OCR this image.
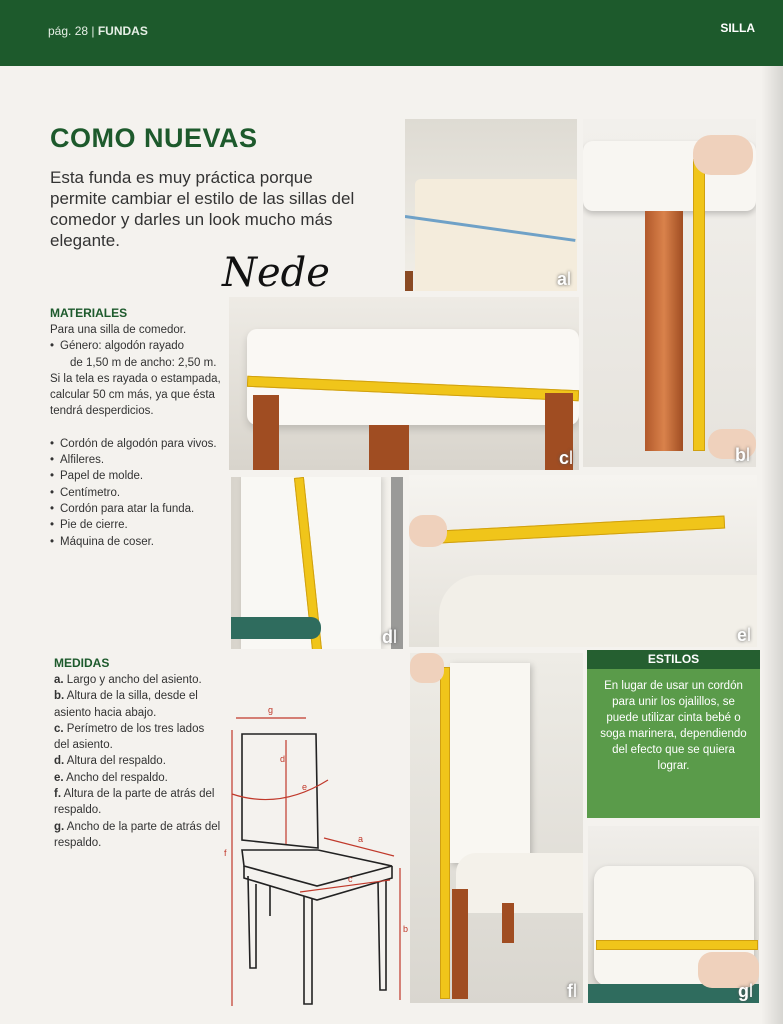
pág. 28 | FUNDAS	SILLA
COMO NUEVAS
Esta funda es muy práctica porque permite cambiar el estilo de las sillas del comedor y darles un look mucho más elegante.
Nede
MATERIALES

Para una silla de comedor.

• Género: algodón rayado

de 1,50 m de ancho: 2,50 m.

Si la tela es rayada o estampada,

calcular 50 cm más, ya que ésta

tendrá desperdicios.

• Cordón de algodón para vivos.

• Alfileres.

• Papel de molde.

• Centímetro.

• Cordón para atar la funda.

• Pie de cierre.

• Máquina de coser.

MEDIDAS

a. Largo y ancho del asiento.

b. Altura de la silla, desde el

asiento hacia abajo.

c. Perímetro de los tres lados

del asiento.

d. Altura del respaldo.

e. Ancho del respaldo.

f. Altura de la parte de atrás del

respaldo.

g. Ancho de la parte de atrás del

respaldo.

g
d
e
f
a
c
b
al
bl
cl
dl	el
fl
ESTILOS
En lugar de usar un cordón para unir los ojalillos, se puede utilizar cinta bebé o soga marinera, dependiendo del efecto que se quiera lograr.
gl
